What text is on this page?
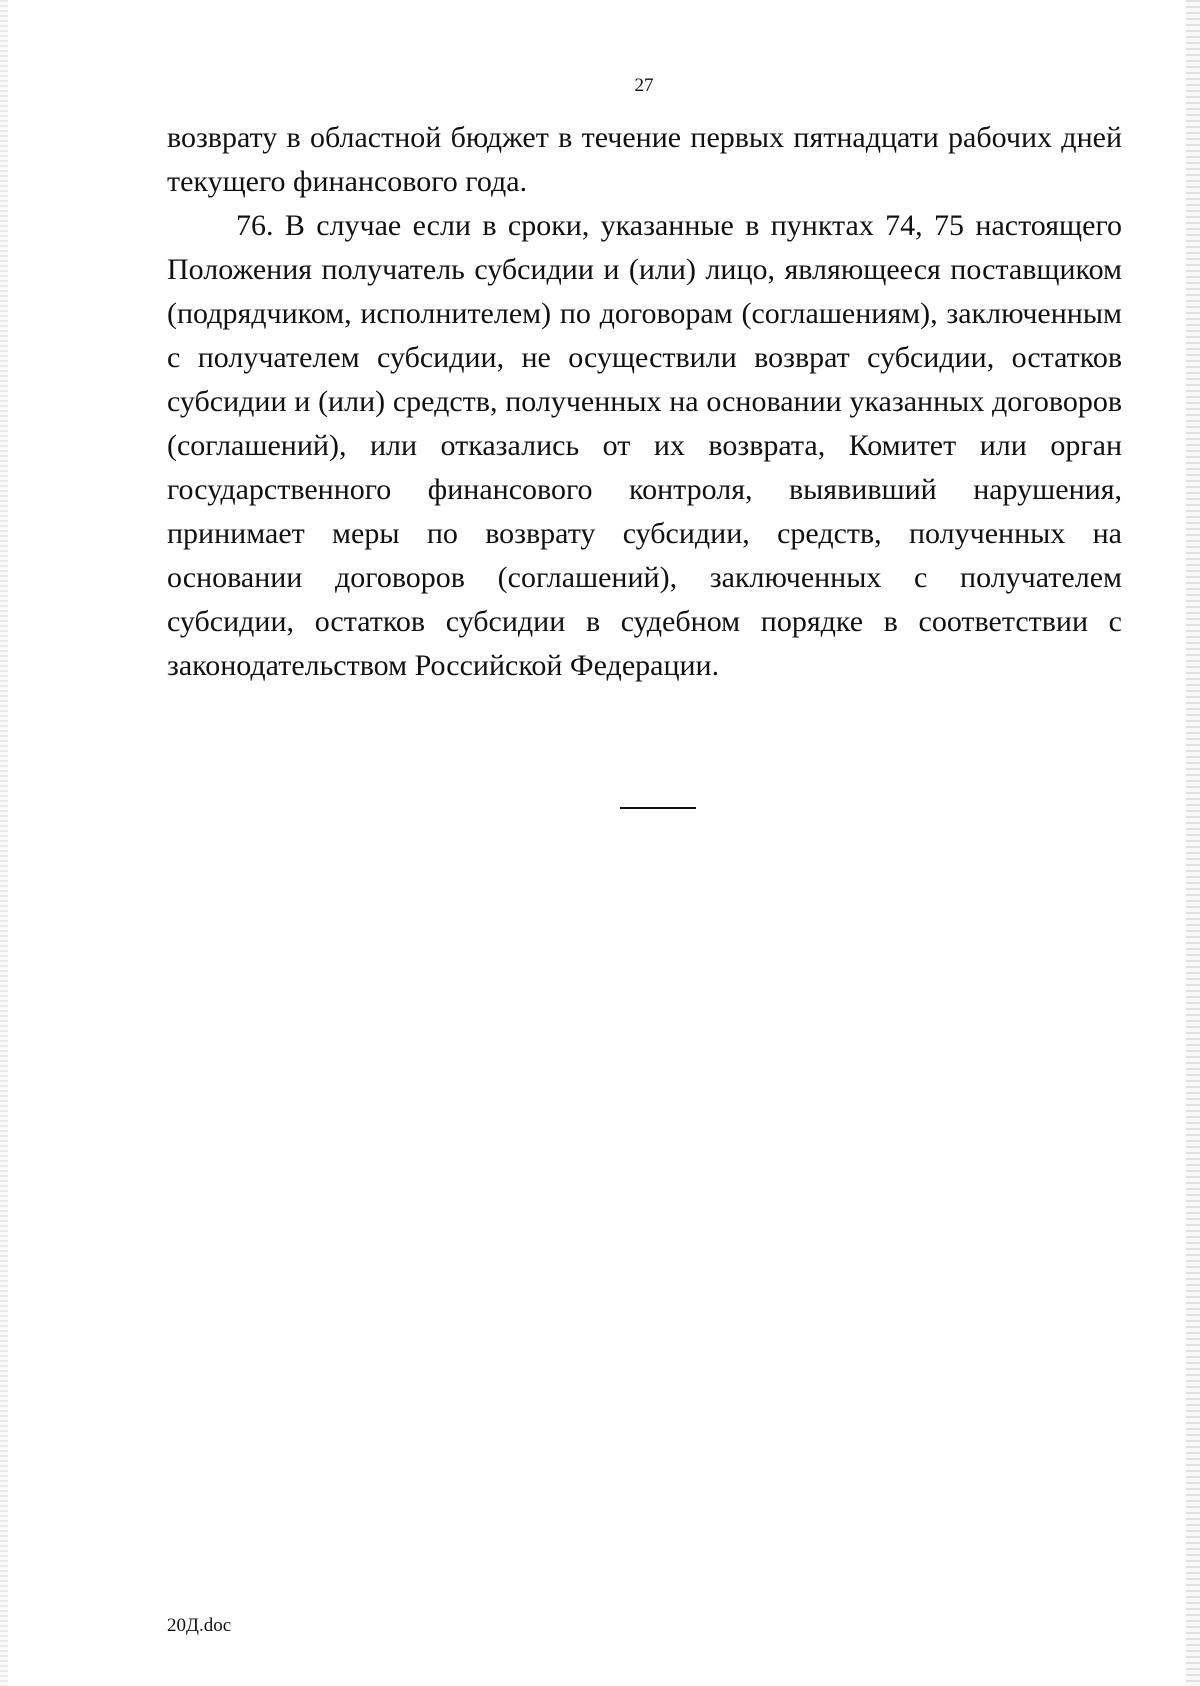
27

возврату в областной бюджет в течение первых пятнадцати рабочих дней текущего финансового года.

76. В случае если в сроки, указанные в пунктах 74, 75 настоящего Положения получатель субсидии и (или) лицо, являющееся поставщиком (подрядчиком, исполнителем) по договорам (соглашениям), заключенным с получателем субсидии, не осуществили возврат субсидии, остатков субсидии и (или) средств, полученных на основании указанных договоров (соглашений), или отказались от их возврата, Комитет или орган государственного финансового контроля, выявивший нарушения, принимает меры по возврату субсидии, средств, полученных на основании договоров (соглашений), заключенных с получателем субсидии, остатков субсидии в судебном порядке в соответствии с законодательством Российской Федерации.

20Д.doc
